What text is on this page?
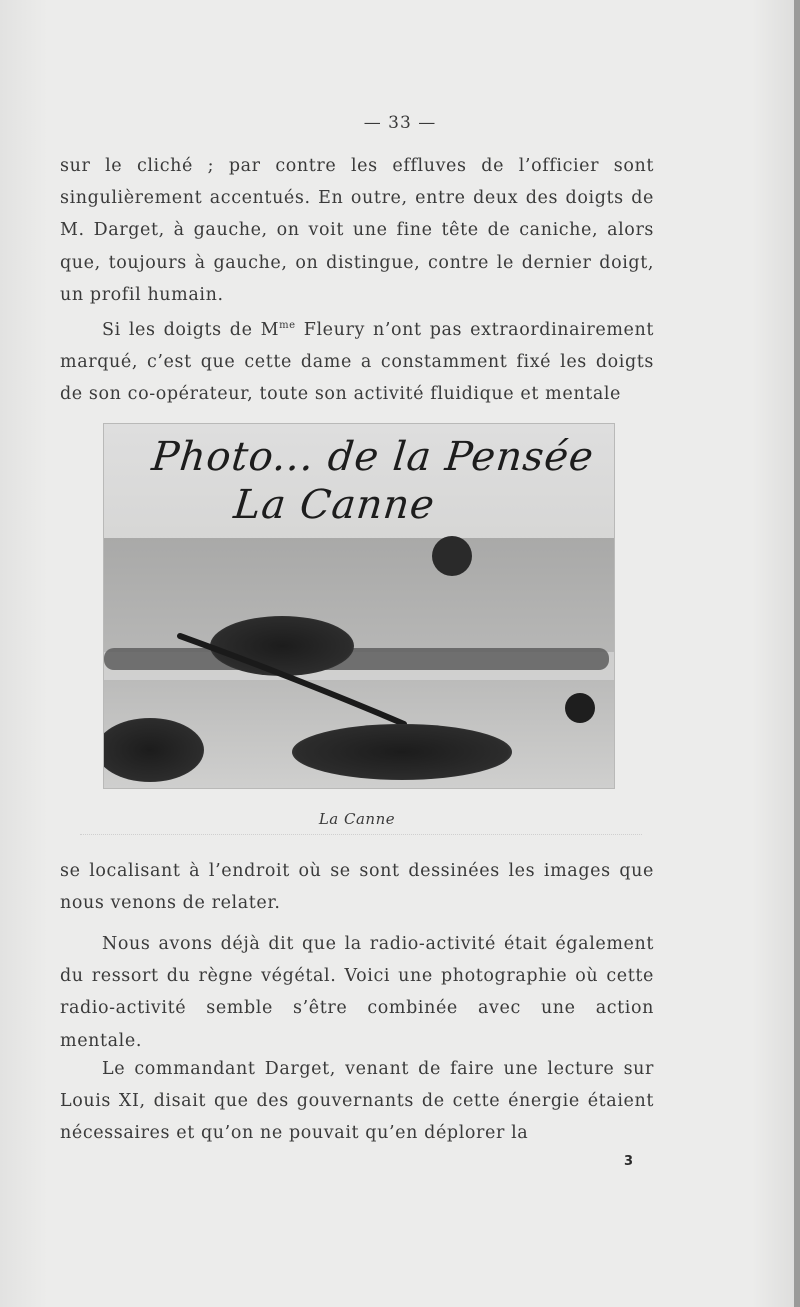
— 33 —

sur le cliché ; par contre les effluves de l’officier sont singulièrement accentués. En outre, entre deux des doigts de M. Darget, à gauche, on voit une fine tête de caniche, alors que, toujours à gauche, on distingue, contre le dernier doigt, un profil humain.

Si les doigts de $M^{me}$ Fleury n’ont pas extraordinairement marqué, c’est que cette dame a constamment fixé les doigts de son co-opérateur, toute son activité fluidique et mentale

Photo... de la Pensée
La Canne
La Canne

se localisant à l’endroit où se sont dessinées les images que nous venons de relater.

Nous avons déjà dit que la radio-activité était également du ressort du règne végétal. Voici une photographie où cette radio-activité semble s’être combinée avec une action mentale.

Le commandant Darget, venant de faire une lecture sur Louis XI, disait que des gouvernants de cette énergie étaient nécessaires et qu’on ne pouvait qu’en déplorer la

3
